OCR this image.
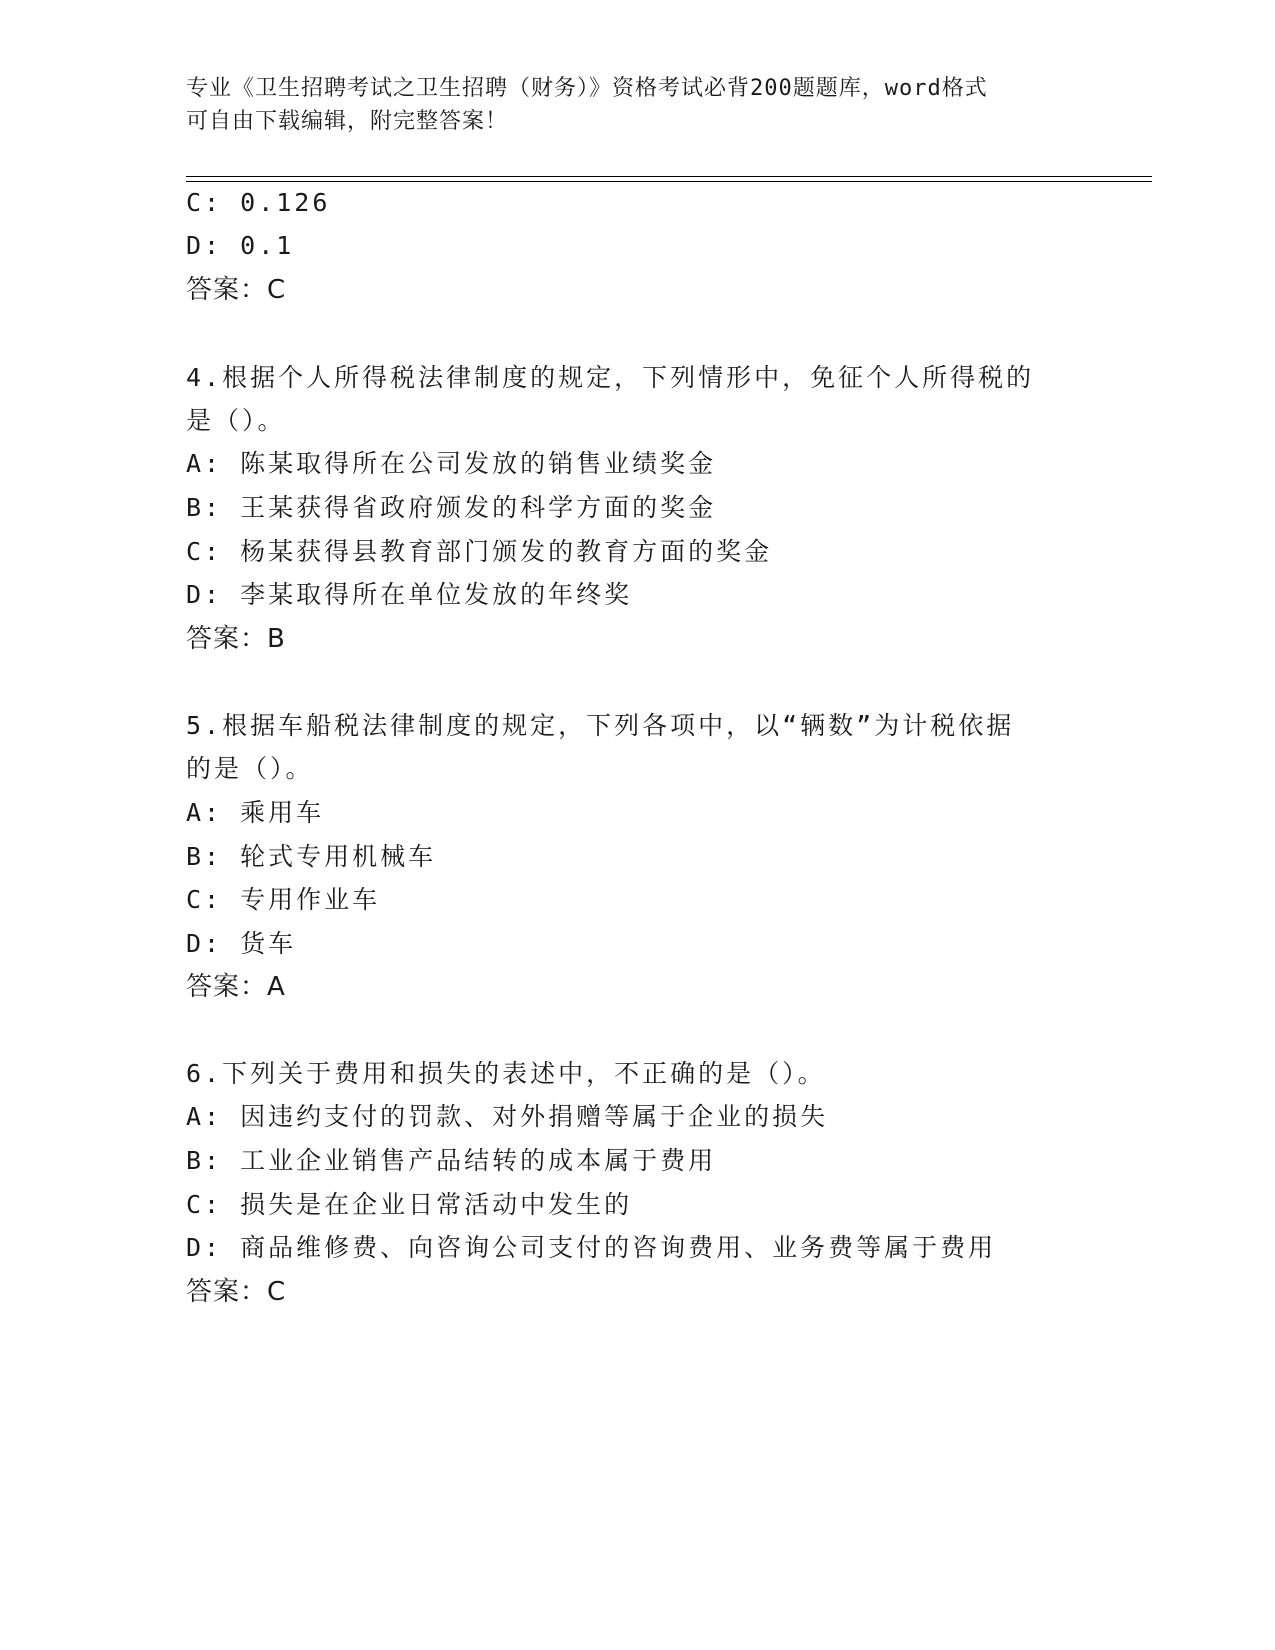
专业《卫生招聘考试之卫生招聘（财务）》资格考试必背200题题库，word格式
可自由下载编辑，附完整答案！
C: 0.126
D: 0.1
答案：C
4.根据个人所得税法律制度的规定，下列情形中，免征个人所得税的
是（）。
A: 陈某取得所在公司发放的销售业绩奖金
B: 王某获得省政府颁发的科学方面的奖金
C: 杨某获得县教育部门颁发的教育方面的奖金
D: 李某取得所在单位发放的年终奖
答案：B
5.根据车船税法律制度的规定，下列各项中，以“辆数”为计税依据
的是（）。
A: 乘用车
B: 轮式专用机械车
C: 专用作业车
D: 货车
答案：A
6.下列关于费用和损失的表述中，不正确的是（）。
A: 因违约支付的罚款、对外捐赠等属于企业的损失
B: 工业企业销售产品结转的成本属于费用
C: 损失是在企业日常活动中发生的
D: 商品维修费、向咨询公司支付的咨询费用、业务费等属于费用
答案：C
